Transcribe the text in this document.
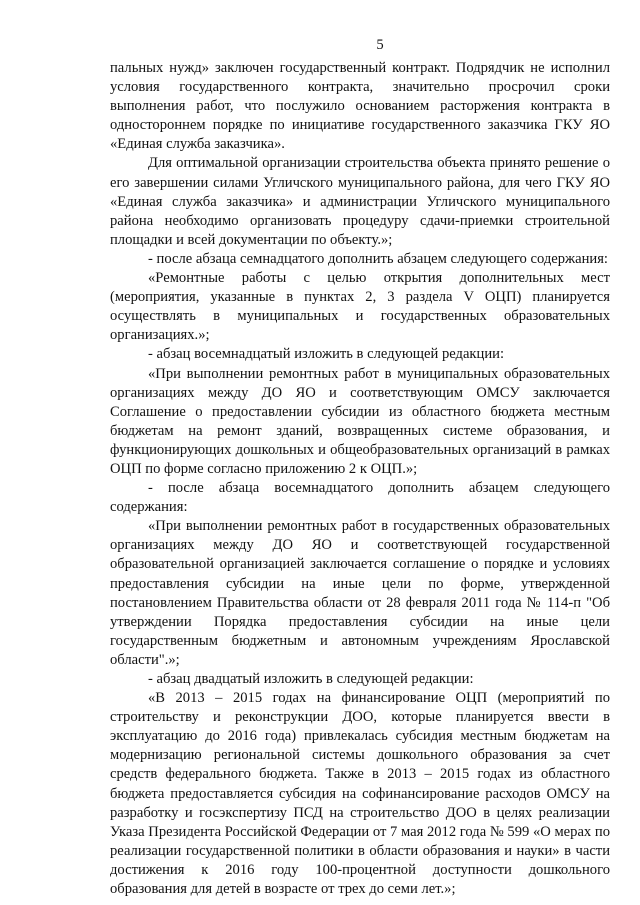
5

пальных нужд» заключен государственный контракт. Подрядчик не исполнил условия государственного контракта, значительно просрочил сроки выполнения работ, что послужило основанием расторжения контракта в одностороннем порядке по инициативе государственного заказчика ГКУ ЯО «Единая служба заказчика».

Для оптимальной организации строительства объекта принято решение о его завершении силами Угличского муниципального района, для чего ГКУ ЯО «Единая служба заказчика» и администрации Угличского муниципального района необходимо организовать процедуру сдачи-приемки строительной площадки и всей документации по объекту.»;

- после абзаца семнадцатого дополнить абзацем следующего содержания:

«Ремонтные работы с целью открытия дополнительных мест (мероприятия, указанные в пунктах 2, 3 раздела V ОЦП) планируется осуществлять в муниципальных и государственных образовательных организациях.»;

- абзац восемнадцатый изложить в следующей редакции:

«При выполнении ремонтных работ в муниципальных образовательных организациях между ДО ЯО и соответствующим ОМСУ заключается Соглашение о предоставлении субсидии из областного бюджета местным бюджетам на ремонт зданий, возвращенных системе образования, и функционирующих дошкольных и общеобразовательных организаций в рамках ОЦП по форме согласно приложению 2 к ОЦП.»;

- после абзаца восемнадцатого дополнить абзацем следующего содержания:

«При выполнении ремонтных работ в государственных образовательных организациях между ДО ЯО и соответствующей государственной образовательной организацией заключается соглашение о порядке и условиях предоставления субсидии на иные цели по форме, утвержденной постановлением Правительства области от 28 февраля 2011 года № 114-п "Об утверждении Порядка предоставления субсидии на иные цели государственным бюджетным и автономным учреждениям Ярославской области".»;

- абзац двадцатый изложить в следующей редакции:

«В 2013 – 2015 годах на финансирование ОЦП (мероприятий по строительству и реконструкции ДОО, которые планируется ввести в эксплуатацию до 2016 года) привлекалась субсидия местным бюджетам на модернизацию региональной системы дошкольного образования за счет средств федерального бюджета. Также в 2013 – 2015 годах из областного бюджета предоставляется субсидия на софинансирование расходов ОМСУ на разработку и госэкспертизу ПСД на строительство ДОО в целях реализации Указа Президента Российской Федерации от 7 мая 2012 года № 599 «О мерах по реализации государственной политики в области образования и науки» в части достижения к 2016 году 100-процентной доступности дошкольного образования для детей в возрасте от трех до семи лет.»;
